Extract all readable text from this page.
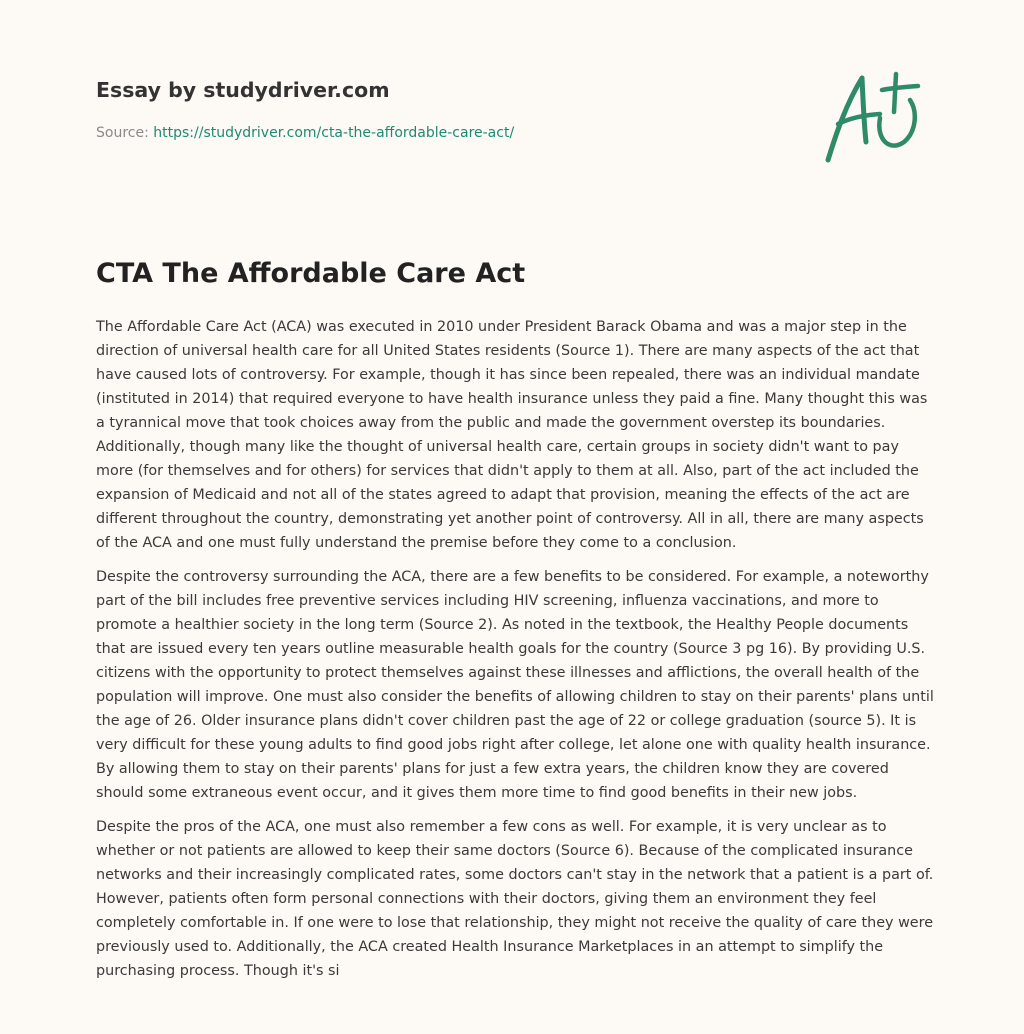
Essay by studydriver.com
Source: https://studydriver.com/cta-the-affordable-care-act/
CTA The Affordable Care Act

The Affordable Care Act (ACA) was executed in 2010 under President Barack Obama and was a major step in the direction of universal health care for all United States residents (Source 1). There are many aspects of the act that have caused lots of controversy. For example, though it has since been repealed, there was an individual mandate (instituted in 2014) that required everyone to have health insurance unless they paid a fine. Many thought this was a tyrannical move that took choices away from the public and made the government overstep its boundaries. Additionally, though many like the thought of universal health care, certain groups in society didn't want to pay more (for themselves and for others) for services that didn't apply to them at all. Also, part of the act included the expansion of Medicaid and not all of the states agreed to adapt that provision, meaning the effects of the act are different throughout the country, demonstrating yet another point of controversy. All in all, there are many aspects of the ACA and one must fully understand the premise before they come to a conclusion.

Despite the controversy surrounding the ACA, there are a few benefits to be considered. For example, a noteworthy part of the bill includes free preventive services including HIV screening, influenza vaccinations, and more to promote a healthier society in the long term (Source 2). As noted in the textbook, the Healthy People documents that are issued every ten years outline measurable health goals for the country (Source 3 pg 16). By providing U.S. citizens with the opportunity to protect themselves against these illnesses and afflictions, the overall health of the population will improve. One must also consider the benefits of allowing children to stay on their parents' plans until the age of 26. Older insurance plans didn't cover children past the age of 22 or college graduation (source 5). It is very difficult for these young adults to find good jobs right after college, let alone one with quality health insurance. By allowing them to stay on their parents' plans for just a few extra years, the children know they are covered should some extraneous event occur, and it gives them more time to find good benefits in their new jobs.

Despite the pros of the ACA, one must also remember a few cons as well. For example, it is very unclear as to whether or not patients are allowed to keep their same doctors (Source 6). Because of the complicated insurance networks and their increasingly complicated rates, some doctors can't stay in the network that a patient is a part of. However, patients often form personal connections with their doctors, giving them an environment they feel completely comfortable in. If one were to lose that relationship, they might not receive the quality of care they were previously used to. Additionally, the ACA created Health Insurance Marketplaces in an attempt to simplify the purchasing process. Though it's si
